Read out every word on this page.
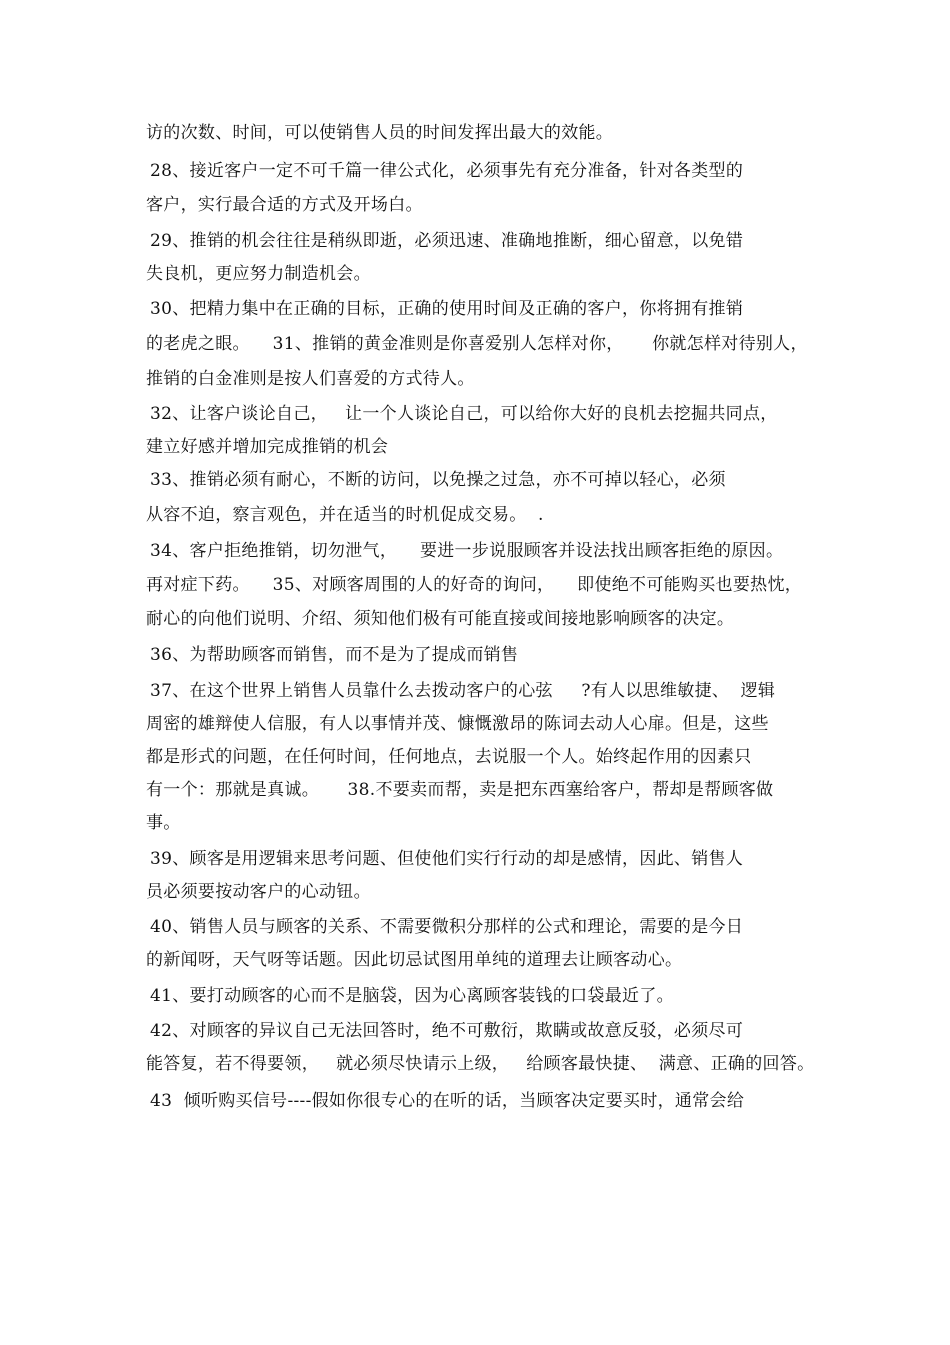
访的次数、时间，可以使销售人员的时间发挥出最大的效能。
28、接近客户一定不可千篇一律公式化，必须事先有充分准备，针对各类型的
客户，实行最合适的方式及开场白。
29、推销的机会往往是稍纵即逝，必须迅速、准确地推断，细心留意，以免错
失良机，更应努力制造机会。
30、把精力集中在正确的目标，正确的使用时间及正确的客户，你将拥有推销
的老虎之眼。    31、推销的黄金准则是你喜爱别人怎样对你，     你就怎样对待别人，
推销的白金准则是按人们喜爱的方式待人。
32、让客户谈论自己，   让一个人谈论自己，可以给你大好的良机去挖掘共同点，
建立好感并增加完成推销的机会
33、推销必须有耐心，不断的访问，以免操之过急，亦不可掉以轻心，必须
从容不迫，察言观色，并在适当的时机促成交易。  .
34、客户拒绝推销，切勿泄气，    要进一步说服顾客并设法找出顾客拒绝的原因。
再对症下药。    35、对顾客周围的人的好奇的询问，    即使绝不可能购买也要热忱，
耐心的向他们说明、介绍、须知他们极有可能直接或间接地影响顾客的决定。
36、为帮助顾客而销售，而不是为了提成而销售
37、在这个世界上销售人员靠什么去拨动客户的心弦     ?有人以思维敏捷、  逻辑
周密的雄辩使人信服，有人以事情并茂、慷慨激昂的陈词去动人心扉。但是，这些
都是形式的问题，在任何时间，任何地点，去说服一个人。始终起作用的因素只
有一个：那就是真诚。     38.不要卖而帮，卖是把东西塞给客户，帮却是帮顾客做
事。
39、顾客是用逻辑来思考问题、但使他们实行行动的却是感情，因此、销售人
员必须要按动客户的心动钮。
40、销售人员与顾客的关系、不需要微积分那样的公式和理论，需要的是今日
的新闻呀，天气呀等话题。因此切忌试图用单纯的道理去让顾客动心。
41、要打动顾客的心而不是脑袋，因为心离顾客装钱的口袋最近了。
42、对顾客的异议自己无法回答时，绝不可敷衍，欺瞒或故意反驳，必须尽可
能答复，若不得要领，   就必须尽快请示上级，   给顾客最快捷、  满意、正确的回答。
43  倾听购买信号----假如你很专心的在听的话，当顾客决定要买时，通常会给
